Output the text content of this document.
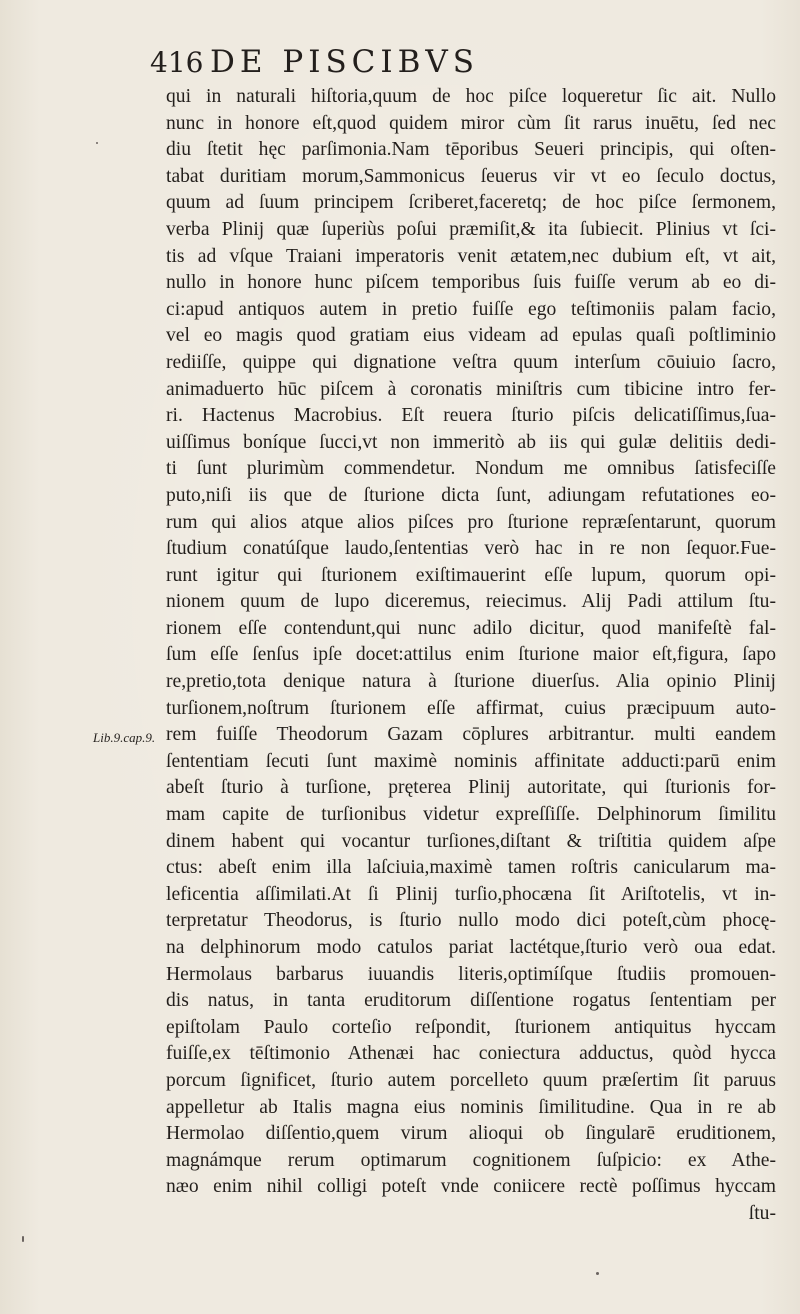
416 DE PISCIBVS
Lib.9.cap.9.
qui in naturali hiſtoria,quum de hoc piſce loqueretur ſic ait. Nullo
nunc in honore eſt,quod quidem miror cùm ſit rarus inuētu, ſed nec
diu ſtetit hęc parſimonia.Nam tēporibus Seueri principis, qui oſten-
tabat duritiam morum,Sammonicus ſeuerus vir vt eo ſeculo doctus,
quum ad ſuum principem ſcriberet,faceretq; de hoc piſce ſermonem,
verba Plinij quæ ſuperiùs poſui præmiſit,& ita ſubiecit. Plinius vt ſci-
tis ad vſque Traiani imperatoris venit ætatem,nec dubium eſt, vt ait,
nullo in honore hunc piſcem temporibus ſuis fuiſſe verum ab eo di-
ci:apud antiquos autem in pretio fuiſſe ego teſtimoniis palam facio,
vel eo magis quod gratiam eius videam ad epulas quaſi poſtliminio
rediiſſe, quippe qui dignatione veſtra quum interſum cōuiuio ſacro,
animaduerto hūc piſcem à coronatis miniſtris cum tibicine intro fer-
ri. Hactenus Macrobius. Eſt reuera ſturio piſcis delicatiſſimus,ſua-
uiſſimus boníque ſucci,vt non immeritò ab iis qui gulæ delitiis dedi-
ti ſunt plurimùm commendetur. Nondum me omnibus ſatisfeciſſe
puto,niſi iis que de ſturione dicta ſunt, adiungam refutationes eo-
rum qui alios atque alios piſces pro ſturione repræſentarunt, quorum
ſtudium conatúſque laudo,ſententias verò hac in re non ſequor.Fue-
runt igitur qui ſturionem exiſtimauerint eſſe lupum, quorum opi-
nionem quum de lupo diceremus, reiecimus. Alij Padi attilum ſtu-
rionem eſſe contendunt,qui nunc adilo dicitur, quod manifeſtè fal-
ſum eſſe ſenſus ipſe docet:attilus enim ſturione maior eſt,figura, ſapo
re,pretio,tota denique natura à ſturione diuerſus. Alia opinio Plinij
turſionem,noſtrum ſturionem eſſe affirmat, cuius præcipuum auto-
rem fuiſſe Theodorum Gazam cōplures arbitrantur. multi eandem
ſententiam ſecuti ſunt maximè nominis affinitate adducti:parū enim
abeſt ſturio à turſione, pręterea Plinij autoritate, qui ſturionis for-
mam capite de turſionibus videtur expreſſiſſe. Delphinorum ſimilitu
dinem habent qui vocantur turſiones,diſtant & triſtitia quidem aſpe
ctus: abeſt enim illa laſciuia,maximè tamen roſtris canicularum ma-
leficentia aſſimilati.At ſi Plinij turſio,phocæna ſit Ariſtotelis, vt in-
terpretatur Theodorus, is ſturio nullo modo dici poteſt,cùm phocę-
na delphinorum modo catulos pariat lactétque,ſturio verò oua edat.
Hermolaus barbarus iuuandis literis,optimíſque ſtudiis promouen-
dis natus, in tanta eruditorum diſſentione rogatus ſententiam per
epiſtolam Paulo corteſio reſpondit, ſturionem antiquitus hyccam
fuiſſe,ex tēſtimonio Athenæi hac coniectura adductus, quòd hycca
porcum ſignificet, ſturio autem porcelleto quum præſertim ſit paruus
appelletur ab Italis magna eius nominis ſimilitudine. Qua in re ab
Hermolao diſſentio,quem virum alioqui ob ſingularē eruditionem,
magnámque rerum optimarum cognitionem ſuſpicio: ex Athe-
næo enim nihil colligi poteſt vnde coniicere rectè poſſimus hyccam
ſtu-
